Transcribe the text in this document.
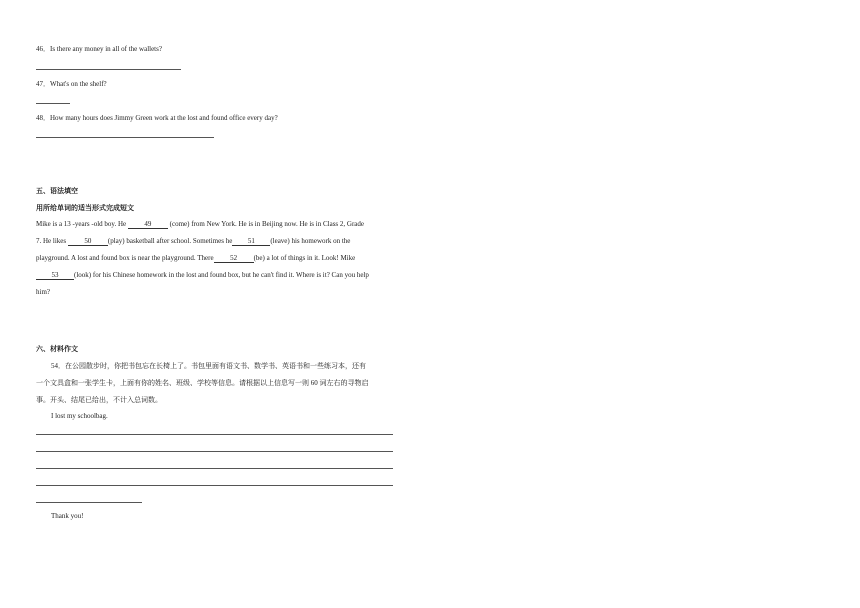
46．Is there any money in all of the wallets?
47．What's on the shelf?
48．How many hours does Jimmy Green work at the lost and found office every day?
五、语法填空
用所给单词的适当形式完成短文
Mike is a 13 -years -old boy. He 49 (come) from New York. He is in Beijing now. He is in Class 2, Grade
7. He likes 50 (play) basketball after school. Sometimes he 51 (leave) his homework on the
playground. A lost and found box is near the playground. There 52 (be) a lot of things in it. Look! Mike
53 (look) for his Chinese homework in the lost and found box, but he can't find it. Where is it? Can you help
him?
六、材料作文
54．在公园散步时，你把书包忘在长椅上了。书包里面有语文书、数学书、英语书和一些练习本，还有
一个文具盒和一张学生卡，上面有你的姓名、班级、学校等信息。请根据以上信息写一则 60 词左右的寻物启
事。开头、结尾已给出，不计入总词数。
I lost my schoolbag.
Thank you!
